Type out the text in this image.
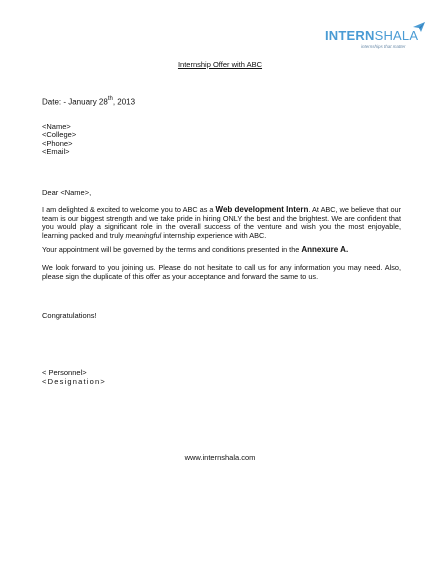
INTERNSHALA
internships that matter
Internship Offer with ABC
Date: - January 28th, 2013
<Name>
<College>
<Phone>
<Email>
Dear <Name>,
I am delighted & excited to welcome you to ABC as a Web development Intern. At ABC, we believe that our team is our biggest strength and we take pride in hiring ONLY the best and the brightest. We are confident that you would play a significant role in the overall success of the venture and wish you the most enjoyable, learning packed and truly meaningful internship experience with ABC.
Your appointment will be governed by the terms and conditions presented in the Annexure A.
We look forward to you joining us. Please do not hesitate to call us for any information you may need. Also, please sign the duplicate of this offer as your acceptance and forward the same to us.
Congratulations!
< Personnel>
<Designation>
www.internshala.com
